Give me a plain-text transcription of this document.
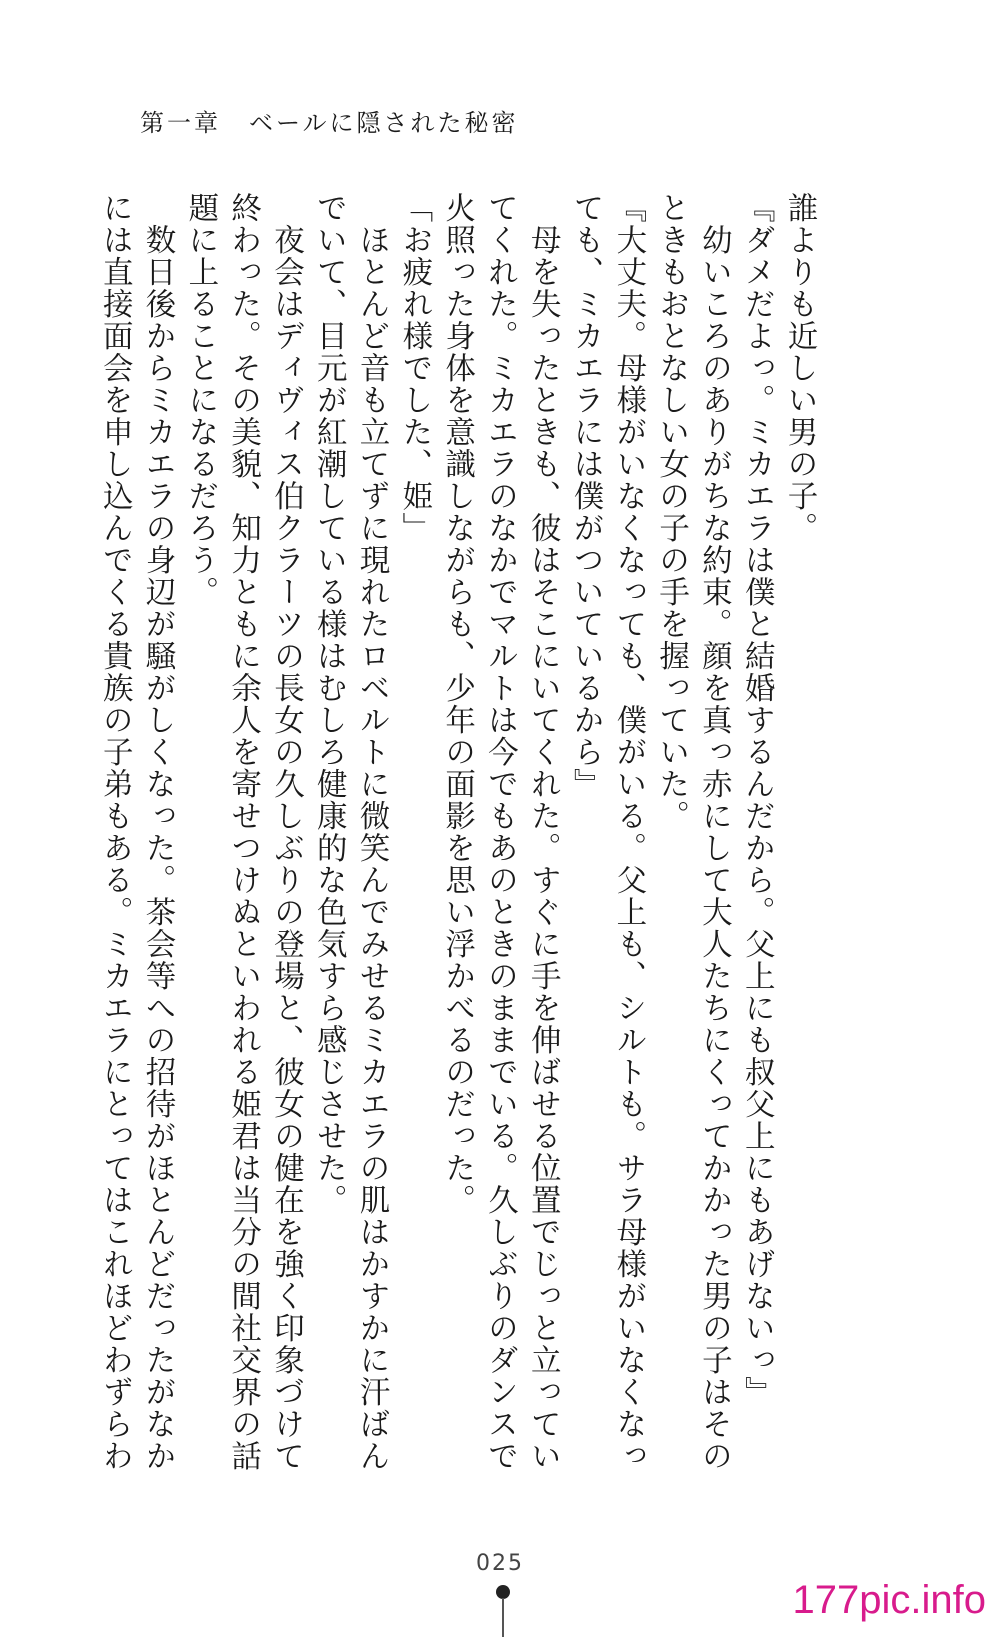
第一章 ベールに隠された秘密

誰よりも近しい男の子。

『ダメだよっ。ミカエラは僕と結婚するんだから。父上にも叔父上にもあげないっ』

　幼いころのありがちな約束。顔を真っ赤にして大人たちにくってかかった男の子はその

ときもおとなしい女の子の手を握っていた。

『大丈夫。母様がいなくなっても、僕がいる。父上も、シルトも。サラ母様がいなくなっ

ても、ミカエラには僕がついているから』

　母を失ったときも、彼はそこにいてくれた。すぐに手を伸ばせる位置でじっと立ってい

てくれた。ミカエラのなかでマルトは今でもあのときのままでいる。久しぶりのダンスで

火照った身体を意識しながらも、少年の面影を思い浮かべるのだった。

「お疲れ様でした、姫」

　ほとんど音も立てずに現れたロベルトに微笑んでみせるミカエラの肌はかすかに汗ばん

でいて、目元が紅潮している様はむしろ健康的な色気すら感じさせた。

　夜会はディヴィス伯クラーツの長女の久しぶりの登場と、彼女の健在を強く印象づけて

終わった。その美貌、知力ともに余人を寄せつけぬといわれる姫君は当分の間社交界の話

題に上ることになるだろう。

　数日後からミカエラの身辺が騒がしくなった。茶会等への招待がほとんどだったがなか

には直接面会を申し込んでくる貴族の子弟もある。ミカエラにとってはこれほどわずらわ

025
177pic.info
